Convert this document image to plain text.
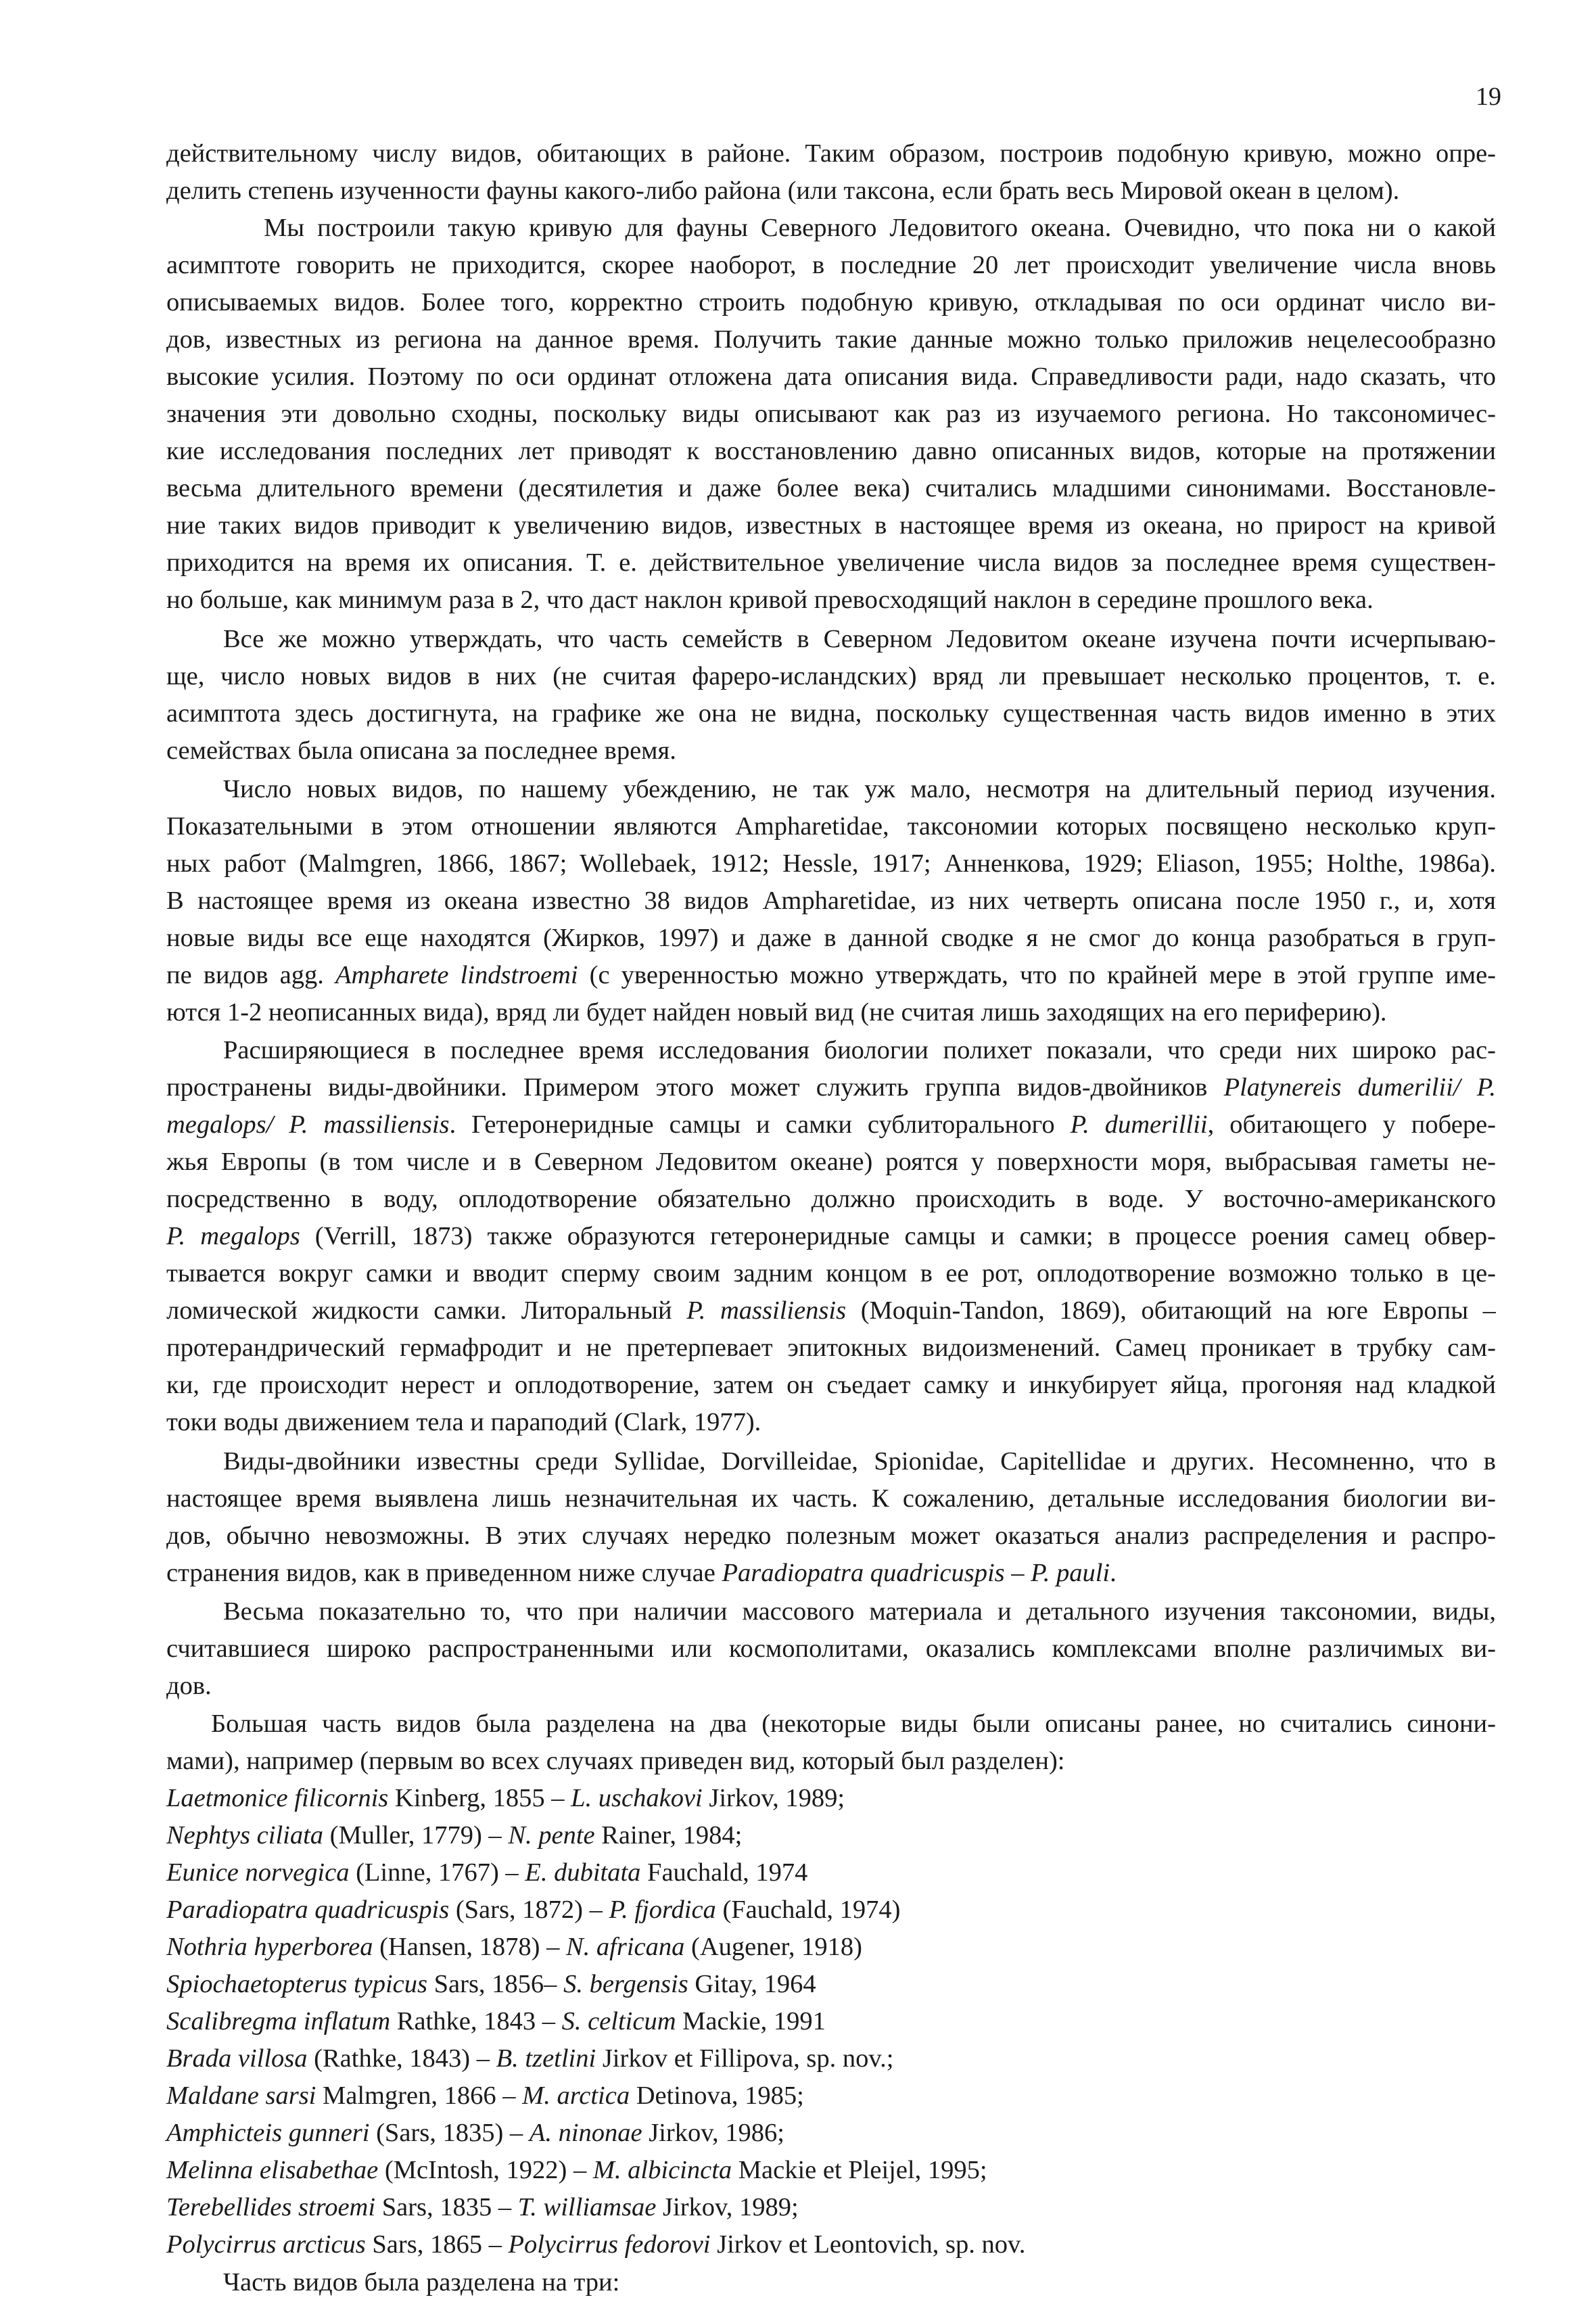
19
действительному числу видов, обитающих в районе. Таким образом, построив подобную кривую, можно опре-
делить степень изученности фауны какого-либо района (или таксона, если брать весь Мировой океан в целом).
Мы построили такую кривую для фауны Северного Ледовитого океана. Очевидно, что пока ни о какой
асимптоте говорить не приходится, скорее наоборот, в последние 20 лет происходит увеличение числа вновь
описываемых видов. Более того, корректно строить подобную кривую, откладывая по оси ординат число ви-
дов, известных из региона на данное время. Получить такие данные можно только приложив нецелесообразно
высокие усилия. Поэтому по оси ординат отложена дата описания вида. Справедливости ради, надо сказать, что
значения эти довольно сходны, поскольку виды описывают как раз из изучаемого региона. Но таксономичес-
кие исследования последних лет приводят к восстановлению давно описанных видов, которые на протяжении
весьма длительного времени (десятилетия и даже более века) считались младшими синонимами. Восстановле-
ние таких видов приводит к увеличению видов, известных в настоящее время из океана, но прирост на кривой
приходится на время их описания. Т. е. действительное увеличение числа видов за последнее время существен-
но больше, как минимум раза в 2, что даст наклон кривой превосходящий наклон в середине прошлого века.
Все же можно утверждать, что часть семейств в Северном Ледовитом океане изучена почти исчерпываю-
ще, число новых видов в них (не считая фареро-исландских) вряд ли превышает несколько процентов, т. е.
асимптота здесь достигнута, на графике же она не видна, поскольку существенная часть видов именно в этих
семействах была описана за последнее время.
Число новых видов, по нашему убеждению, не так уж мало, несмотря на длительный период изучения.
Показательными в этом отношении являются Ampharetidae, таксономии которых посвящено несколько круп-
ных работ (Malmgren, 1866, 1867; Wollebaek, 1912; Hessle, 1917; Анненкова, 1929; Eliason, 1955; Holthe, 1986a).
В настоящее время из океана известно 38 видов Ampharetidae, из них четверть описана после 1950 г., и, хотя
новые виды все еще находятся (Жирков, 1997) и даже в данной сводке я не смог до конца разобраться в груп-
пе видов agg. Ampharete lindstroemi (с уверенностью можно утверждать, что по крайней мере в этой группе име-
ются 1-2 неописанных вида), вряд ли будет найден новый вид (не считая лишь заходящих на его периферию).
Расширяющиеся в последнее время исследования биологии полихет показали, что среди них широко рас-
пространены виды-двойники. Примером этого может служить группа видов-двойников Platynereis dumerilii/ P.
megalops/ P. massiliensis. Гетеронеридные самцы и самки сублиторального P. dumerillii, обитающего у побере-
жья Европы (в том числе и в Северном Ледовитом океане) роятся у поверхности моря, выбрасывая гаметы не-
посредственно в воду, оплодотворение обязательно должно происходить в воде. У восточно-американского
P. megalops (Verrill, 1873) также образуются гетеронеридные самцы и самки; в процессе роения самец обвер-
тывается вокруг самки и вводит сперму своим задним концом в ее рот, оплодотворение возможно только в це-
ломической жидкости самки. Литоральный P. massiliensis (Moquin-Tandon, 1869), обитающий на юге Европы –
протерандрический гермафродит и не претерпевает эпитокных видоизменений. Самец проникает в трубку сам-
ки, где происходит нерест и оплодотворение, затем он съедает самку и инкубирует яйца, прогоняя над кладкой
токи воды движением тела и параподий (Clark, 1977).
Виды-двойники известны среди Syllidae, Dorvilleidae, Spionidae, Capitellidae и других. Несомненно, что в
настоящее время выявлена лишь незначительная их часть. К сожалению, детальные исследования биологии ви-
дов, обычно невозможны. В этих случаях нередко полезным может оказаться анализ распределения и распро-
странения видов, как в приведенном ниже случае Paradiopatra quadricuspis – P. pauli.
Весьма показательно то, что при наличии массового материала и детального изучения таксономии, виды,
считавшиеся широко распространенными или космополитами, оказались комплексами вполне различимых ви-
дов.
Большая часть видов была разделена на два (некоторые виды были описаны ранее, но считались синони-
мами), например (первым во всех случаях приведен вид, который был разделен):
Laetmonice filicornis Kinberg, 1855 – L. uschakovi Jirkov, 1989;
Nephtys ciliata (Muller, 1779) – N. pente Rainer, 1984;
Eunice norvegica (Linne, 1767) – E. dubitata Fauchald, 1974
Paradiopatra quadricuspis (Sars, 1872) – P. fjordica (Fauchald, 1974)
Nothria hyperborea (Hansen, 1878) – N. africana (Augener, 1918)
Spiochaetopterus typicus Sars, 1856– S. bergensis Gitay, 1964
Scalibregma inflatum Rathke, 1843 – S. celticum Mackie, 1991
Brada villosa (Rathke, 1843) – B. tzetlini Jirkov et Fillipova, sp. nov.;
Maldane sarsi Malmgren, 1866 – M. arctica Detinova, 1985;
Amphicteis gunneri (Sars, 1835) – A. ninonae Jirkov, 1986;
Melinna elisabethae (McIntosh, 1922) – M. albicincta Mackie et Pleijel, 1995;
Terebellides stroemi Sars, 1835 – T. williamsae Jirkov, 1989;
Polycirrus arcticus Sars, 1865 – Polycirrus fedorovi Jirkov et Leontovich, sp. nov.
Часть видов была разделена на три:
